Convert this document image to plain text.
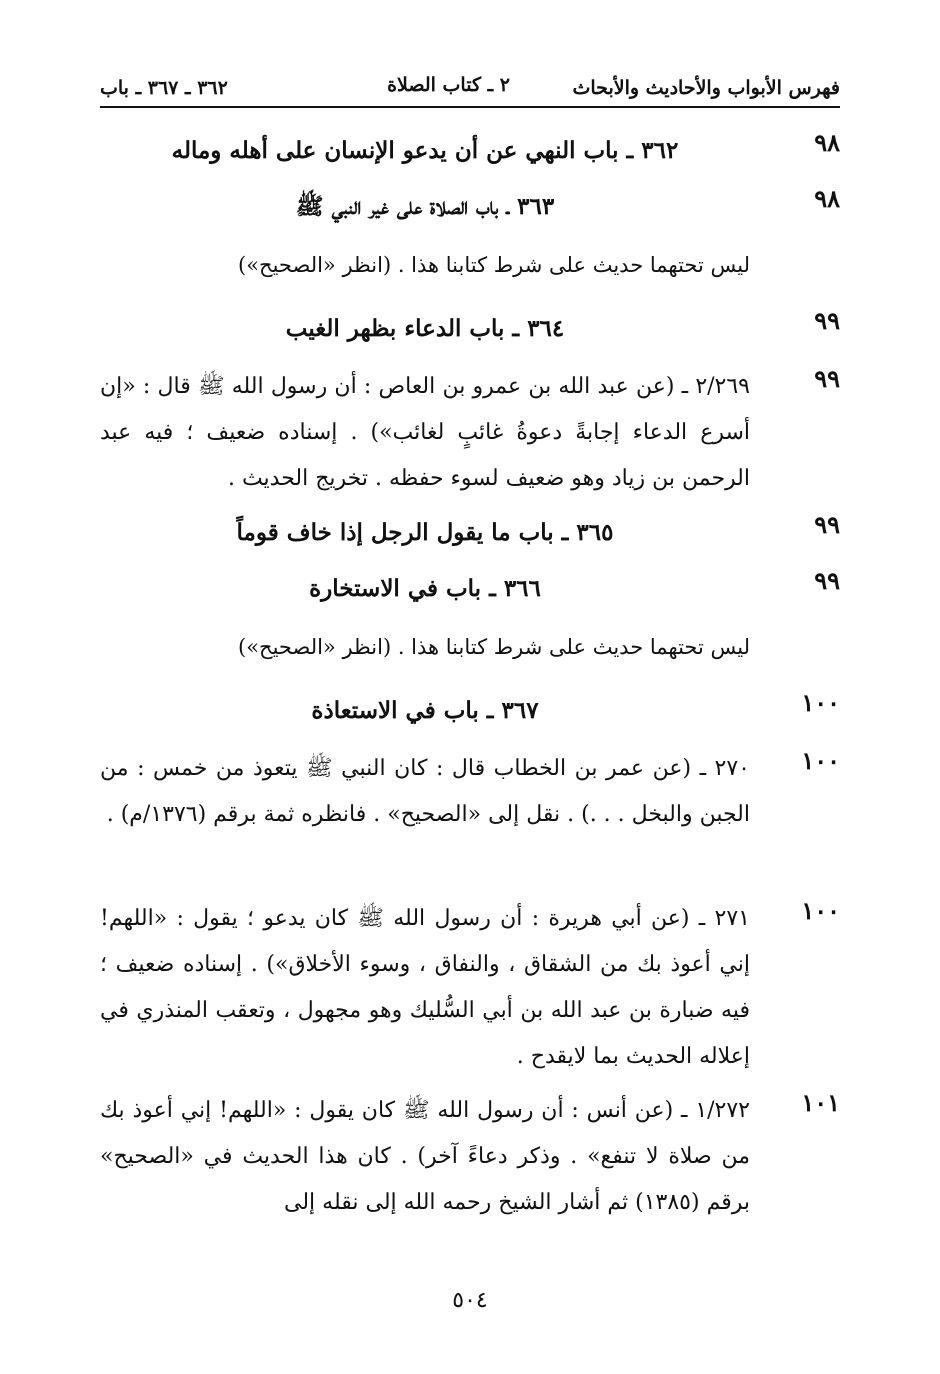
فهرس الأبواب والأحاديث والأبحاث
٢ ـ كتاب الصلاة
٣٦٢ ـ ٣٦٧ ـ باب
٩٨
٣٦٢ ـ باب النهي عن أن يدعو الإنسان على أهله وماله
٩٨
٣٦٣ ـ باب الصلاة على غير النبي ﷺ
ليس تحتهما حديث على شرط كتابنا هذا . (انظر «الصحيح»)
٩٩
٣٦٤ ـ باب الدعاء بظهر الغيب
٩٩
٢/٢٦٩ ـ (عن عبد الله بن عمرو بن العاص : أن رسول الله ﷺ قال : «إن أسرع الدعاء إجابةً دعوةُ غائبٍ لغائب») . إسناده ضعيف ؛ فيه عبد الرحمن بن زياد وهو ضعيف لسوء حفظه . تخريج الحديث .
٩٩
٣٦٥ ـ باب ما يقول الرجل إذا خاف قوماً
٩٩
٣٦٦ ـ باب في الاستخارة
ليس تحتهما حديث على شرط كتابنا هذا . (انظر «الصحيح»)
١٠٠
٣٦٧ ـ باب في الاستعاذة
١٠٠
٢٧٠ ـ (عن عمر بن الخطاب قال : كان النبي ﷺ يتعوذ من خمس : من الجبن والبخل . . .) . نقل إلى «الصحيح» . فانظره ثمة برقم (١٣٧٦/م) .
١٠٠
٢٧١ ـ (عن أبي هريرة : أن رسول الله ﷺ كان يدعو ؛ يقول : «اللهم! إني أعوذ بك من الشقاق ، والنفاق ، وسوء الأخلاق») . إسناده ضعيف ؛ فيه ضبارة بن عبد الله بن أبي السُّليك وهو مجهول ، وتعقب المنذري في إعلاله الحديث بما لايقدح .
١٠١
١/٢٧٢ ـ (عن أنس : أن رسول الله ﷺ كان يقول : «اللهم! إني أعوذ بك من صلاة لا تنفع» . وذكر دعاءً آخر) . كان هذا الحديث في «الصحيح» برقم (١٣٨٥) ثم أشار الشيخ رحمه الله إلى نقله إلى
٥٠٤
